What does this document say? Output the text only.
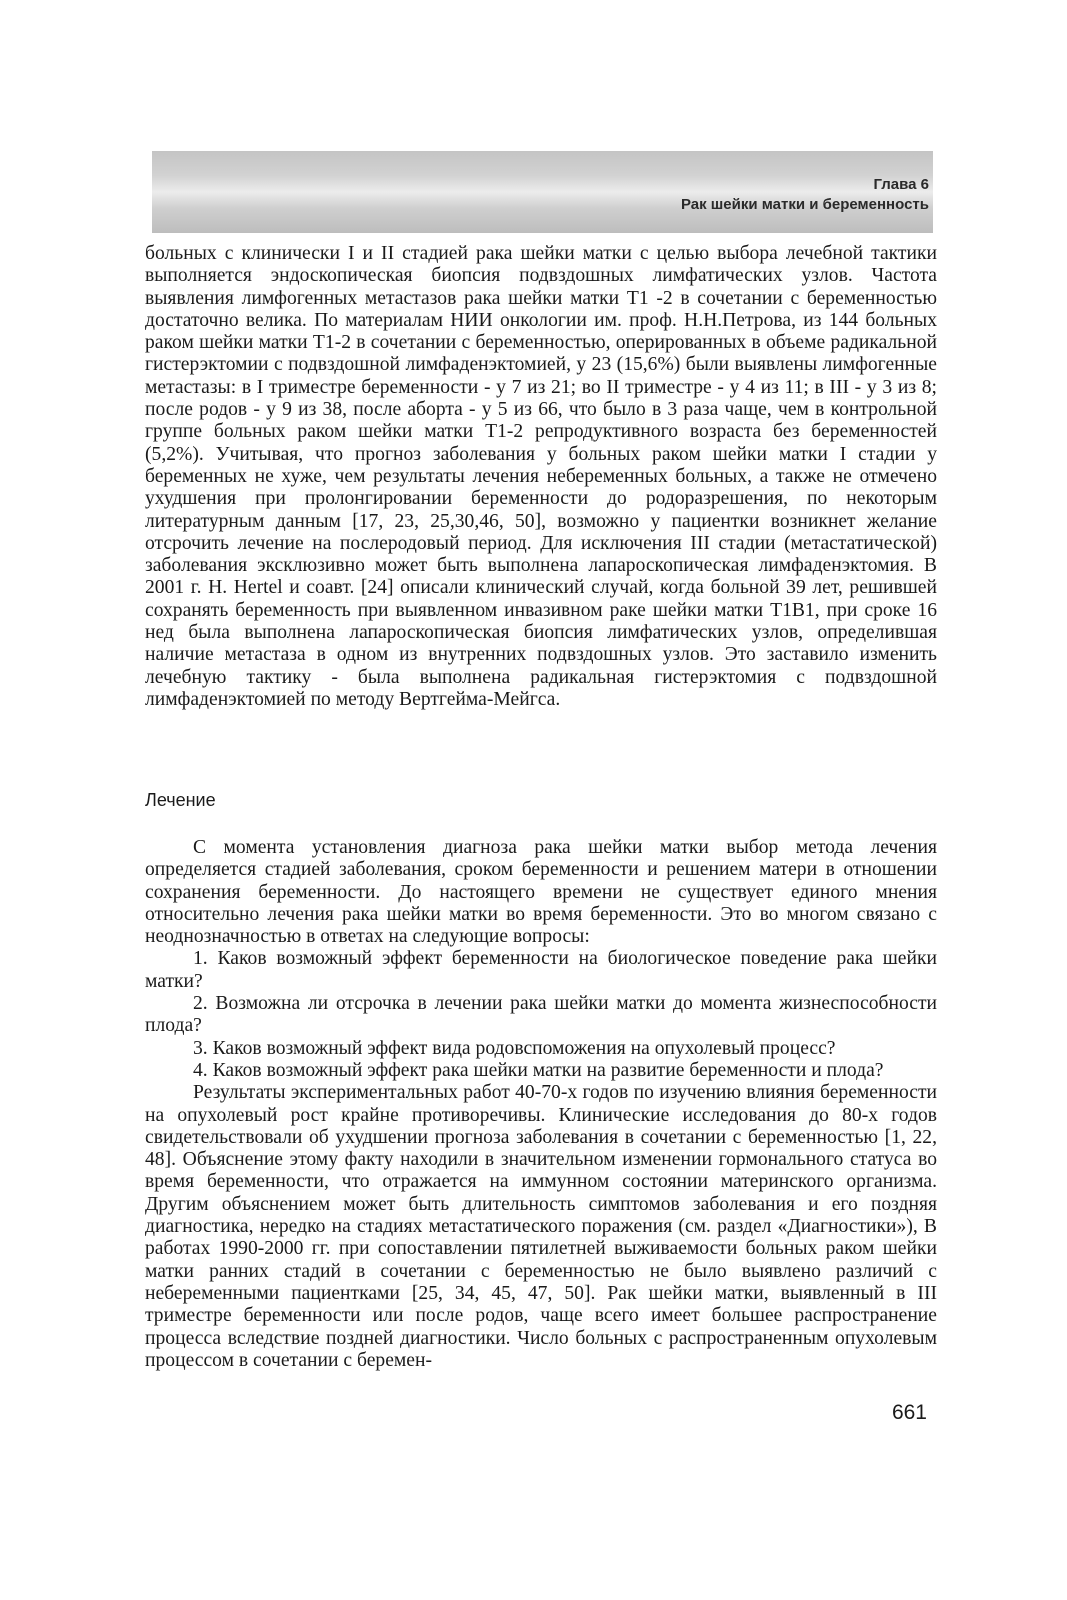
Глава 6
Рак шейки матки и беременность

больных с клинически I и II стадией рака шейки матки с целью выбора лечебной тактики выполняется эндоскопическая биопсия подвздошных лимфатических узлов. Частота выявления лимфогенных метастазов рака шейки матки T1 -2 в сочетании с беременностью достаточно велика. По материалам НИИ онкологии им. проф. Н.Н.Петрова, из 144 больных раком шейки матки T1-2 в сочетании с беременностью, оперированных в объеме радикальной гистерэктомии с подвздошной лимфаденэктомией, у 23 (15,6%) были выявлены лимфогенные метастазы: в I триместре беременности - у 7 из 21; во II триместре - у 4 из 11; в III - у 3 из 8; после родов - у 9 из 38, после аборта - у 5 из 66, что было в 3 раза чаще, чем в контрольной группе больных раком шейки матки T1-2 репродуктивного возраста без беременностей (5,2%). Учитывая, что прогноз заболевания у больных раком шейки матки I стадии у беременных не хуже, чем результаты лечения небеременных больных, а также не отмечено ухудшения при пролонгировании беременности до родоразрешения, по некоторым литературным данным [17, 23, 25,30,46, 50], возможно у пациентки возникнет желание отсрочить лечение на послеродовый период. Для исключения III стадии (метастатической) заболевания эксклюзивно может быть выполнена лапароскопическая лимфаденэктомия. В 2001 г. H. Hertel и соавт. [24] описали клинический случай, когда больной 39 лет, решившей сохранять беременность при выявленном инвазивном раке шейки матки T1B1, при сроке 16 нед была выполнена лапароскопическая биопсия лимфатических узлов, определившая наличие метастаза в одном из внутренних подвздошных узлов. Это заставило изменить лечебную тактику - была выполнена радикальная гистерэктомия с подвздошной лимфаденэктомией по методу Вертгейма-Мейгса.

Лечение

С момента установления диагноза рака шейки матки выбор метода лечения определяется стадией заболевания, сроком беременности и решением матери в отношении сохранения беременности. До настоящего времени не существует единого мнения относительно лечения рака шейки матки во время беременности. Это во многом связано с неоднозначностью в ответах на следующие вопросы:

1. Каков возможный эффект беременности на биологическое поведение рака шейки матки?

2. Возможна ли отсрочка в лечении рака шейки матки до момента жизнеспособности плода?

3. Каков возможный эффект вида родовспоможения на опухолевый процесс?

4. Каков возможный эффект рака шейки матки на развитие беременности и плода?

Результаты экспериментальных работ 40-70-х годов по изучению влияния беременности на опухолевый рост крайне противоречивы. Клинические исследования до 80-х годов свидетельствовали об ухудшении прогноза заболевания в сочетании с беременностью [1, 22, 48]. Объяснение этому факту находили в значительном изменении гормонального статуса во время беременности, что отражается на иммунном состоянии материнского организма. Другим объяснением может быть длительность симптомов заболевания и его поздняя диагностика, нередко на стадиях метастатического поражения (см. раздел «Диагностики»), В работах 1990-2000 гг. при сопоставлении пятилетней выживаемости больных раком шейки матки ранних стадий в сочетании с беременностью не было выявлено различий с небеременными пациентками [25, 34, 45, 47, 50]. Рак шейки матки, выявленный в III триместре беременности или после родов, чаще всего имеет большее распространение процесса вследствие поздней диагностики. Число больных с распространенным опухолевым процессом в сочетании с беремен-

661
